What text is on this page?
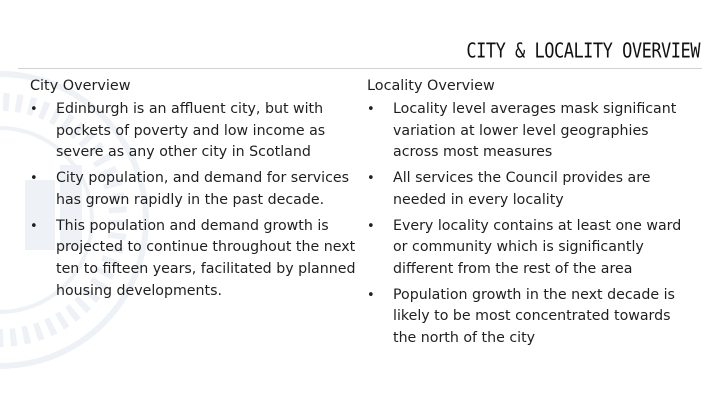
CITY & LOCALITY OVERVIEW
City Overview
• Edinburgh is an affluent city, but with pockets of poverty and low income as severe as any other city in Scotland
• City population, and demand for services has grown rapidly in the past decade.
• This population and demand growth is projected to continue throughout the next ten to fifteen years, facilitated by planned housing developments.
Locality Overview
• Locality level averages mask significant variation at lower level geographies across most measures
• All services the Council provides are needed in every locality
• Every locality contains at least one ward or community which is significantly different from the rest of the area
• Population growth in the next decade is likely to be most concentrated towards the north of the city
